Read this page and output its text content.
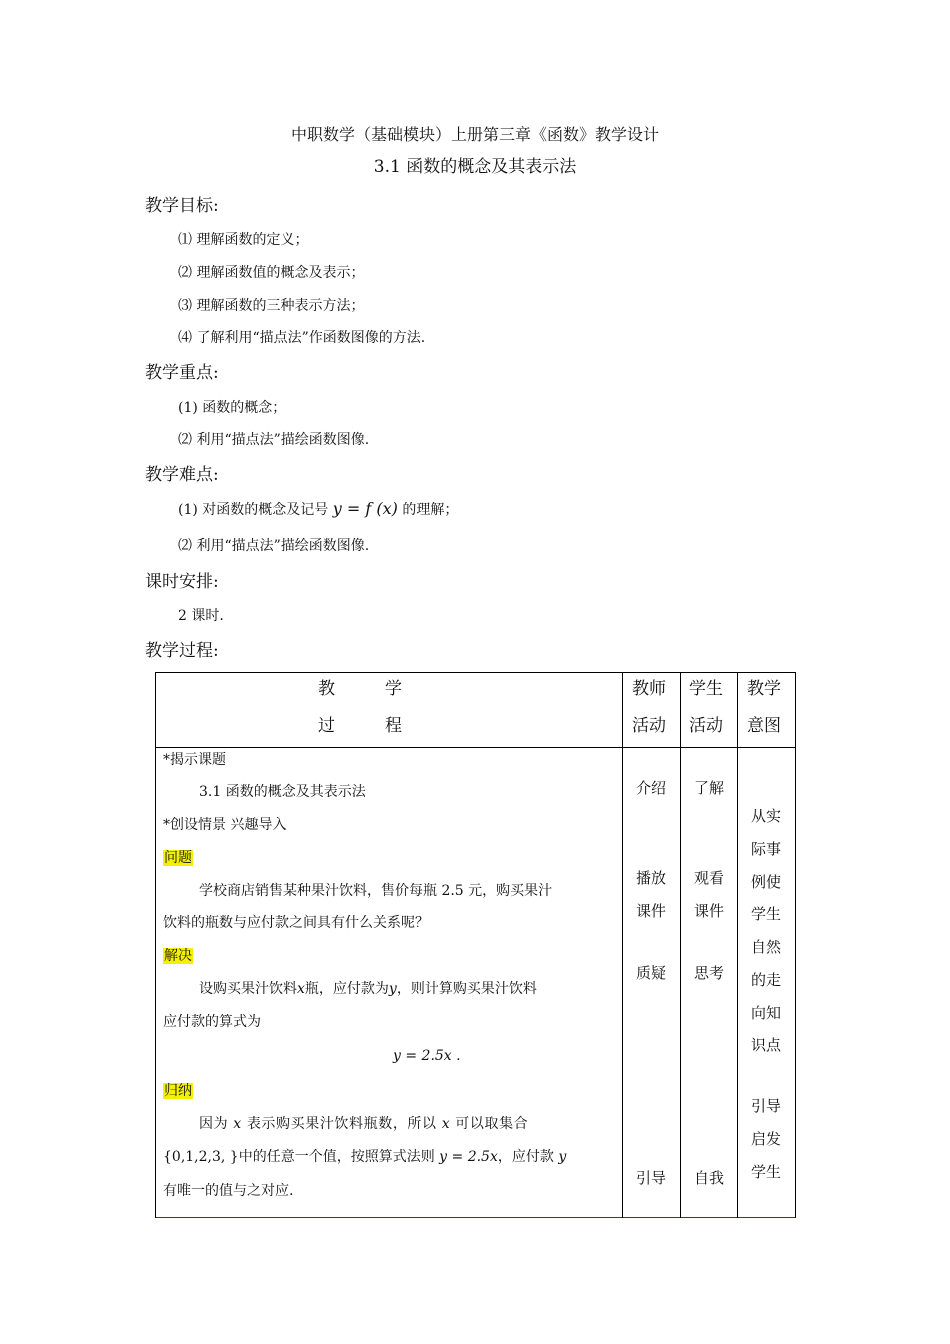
中职数学（基础模块）上册第三章《函数》教学设计
3.1 函数的概念及其表示法
教学目标:
⑴ 理解函数的定义；
⑵ 理解函数值的概念及表示；
⑶ 理解函数的三种表示方法；
⑷ 了解利用“描点法”作函数图像的方法.
教学重点:
(1) 函数的概念；
⑵ 利用“描点法”描绘函数图像.
教学难点:
(1) 对函数的概念及记号 y = f (x) 的理解；
⑵ 利用“描点法”描绘函数图像.
课时安排:
2 课时.
教学过程:
教	学
过	程
教师
活动
学生
活动
教学
意图
*揭示课题
3.1 函数的概念及其表示法
*创设情景 兴趣导入
问题
学校商店销售某种果汁饮料，售价每瓶 2.5 元，购买果汁
饮料的瓶数与应付款之间具有什么关系呢？
解决
设购买果汁饮料x瓶，应付款为y，则计算购买果汁饮料
应付款的算式为
y = 2.5x .
归纳
因为 x 表示购买果汁饮料瓶数，所以 x 可以取集合
{0,1,2,3, }中的任意一个值，按照算式法则 y = 2.5x，应付款 y
有唯一的值与之对应.
介绍
播放
课件
质疑
引导
了解
观看
课件
思考
自我
从实
际事
例使
学生
自然
的走
向知
识点
引导
启发
学生
